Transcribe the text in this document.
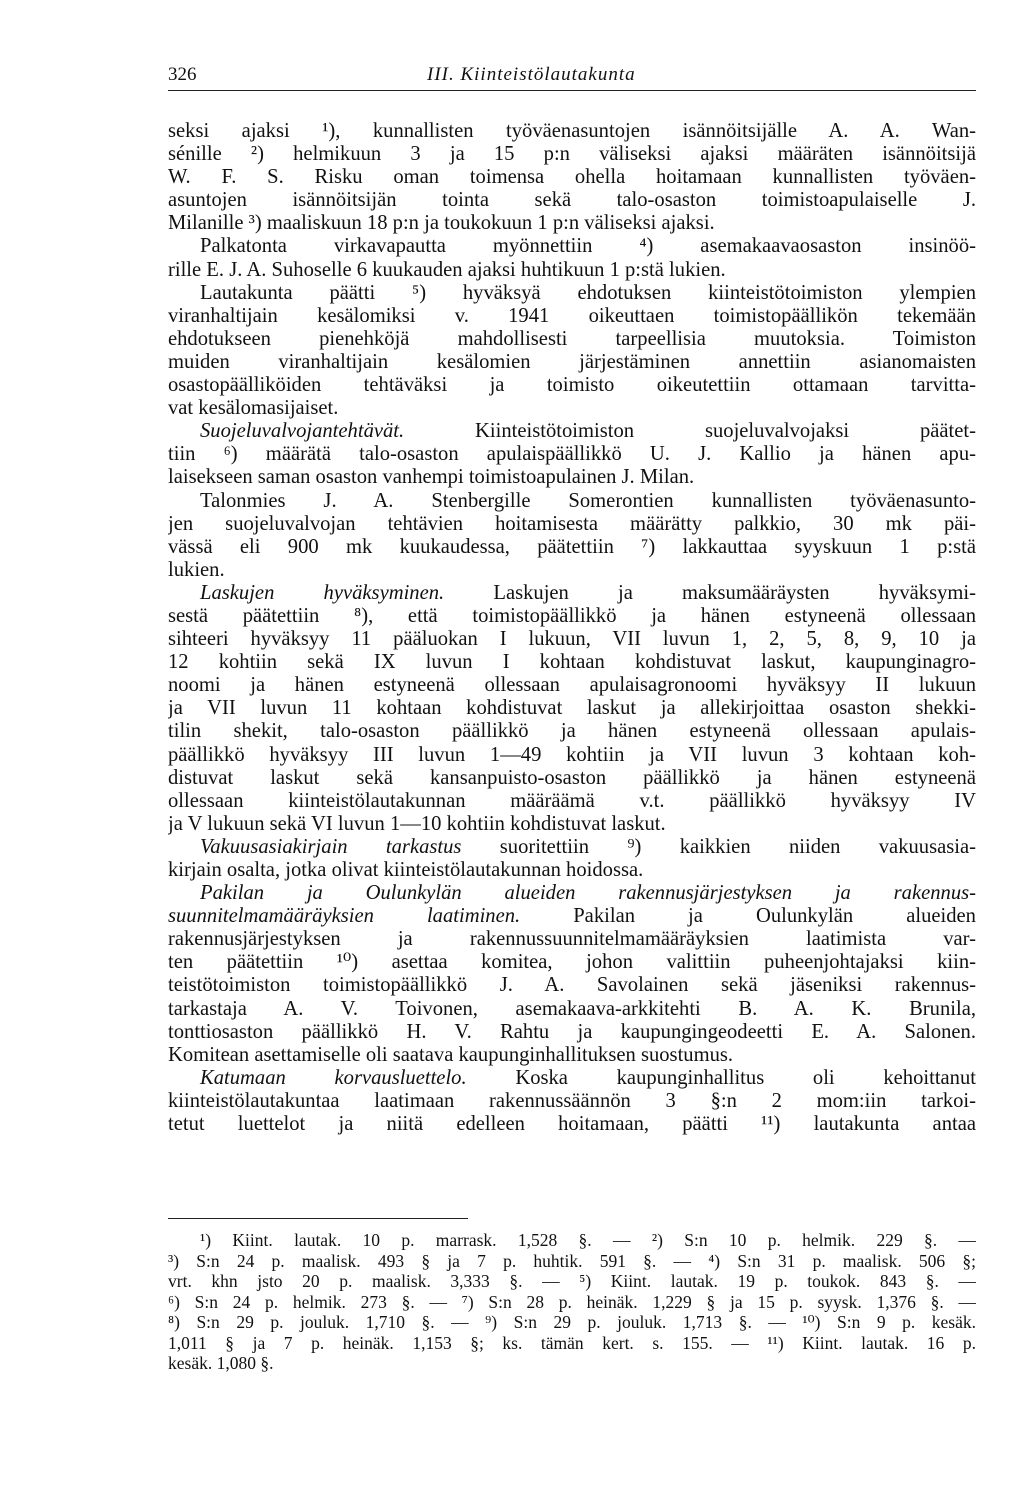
326	III. Kiinteistölautakunta
seksi ajaksi ¹), kunnallisten työväenasuntojen isännöitsijälle A. A. Wan-
sénille ²) helmikuun 3 ja 15 p:n väliseksi ajaksi määräten isännöitsijä
W. F. S. Risku oman toimensa ohella hoitamaan kunnallisten työväen-
asuntojen isännöitsijän tointa sekä talo-osaston toimistoapulaiselle J.
Milanille ³) maaliskuun 18 p:n ja toukokuun 1 p:n väliseksi ajaksi.
Palkatonta virkavapautta myönnettiin ⁴) asemakaavaosaston insinöö-
rille E. J. A. Suhoselle 6 kuukauden ajaksi huhtikuun 1 p:stä lukien.
Lautakunta päätti ⁵) hyväksyä ehdotuksen kiinteistötoimiston ylempien
viranhaltijain kesälomiksi v. 1941 oikeuttaen toimistopäällikön tekemään
ehdotukseen pienehköjä mahdollisesti tarpeellisia muutoksia. Toimiston
muiden viranhaltijain kesälomien järjestäminen annettiin asianomaisten
osastopäälliköiden tehtäväksi ja toimisto oikeutettiin ottamaan tarvitta-
vat kesälomasijaiset.
Suojeluvalvojantehtävät. Kiinteistötoimiston suojeluvalvojaksi päätet-
tiin ⁶) määrätä talo-osaston apulaispäällikkö U. J. Kallio ja hänen apu-
laisekseen saman osaston vanhempi toimistoapulainen J. Milan.
Talonmies J. A. Stenbergille Somerontien kunnallisten työväenasunto-
jen suojeluvalvojan tehtävien hoitamisesta määrätty palkkio, 30 mk päi-
vässä eli 900 mk kuukaudessa, päätettiin ⁷) lakkauttaa syyskuun 1 p:stä
lukien.
Laskujen hyväksyminen. Laskujen ja maksumääräysten hyväksymi-
sestä päätettiin ⁸), että toimistopäällikkö ja hänen estyneenä ollessaan
sihteeri hyväksyy 11 pääluokan I lukuun, VII luvun 1, 2, 5, 8, 9, 10 ja
12 kohtiin sekä IX luvun I kohtaan kohdistuvat laskut, kaupunginagro-
noomi ja hänen estyneenä ollessaan apulaisagronoomi hyväksyy II lukuun
ja VII luvun 11 kohtaan kohdistuvat laskut ja allekirjoittaa osaston shekki-
tilin shekit, talo-osaston päällikkö ja hänen estyneenä ollessaan apulais-
päällikkö hyväksyy III luvun 1—49 kohtiin ja VII luvun 3 kohtaan koh-
distuvat laskut sekä kansanpuisto-osaston päällikkö ja hänen estyneenä
ollessaan kiinteistölautakunnan määräämä v.t. päällikkö hyväksyy IV
ja V lukuun sekä VI luvun 1—10 kohtiin kohdistuvat laskut.
Vakuusasiakirjain tarkastus suoritettiin ⁹) kaikkien niiden vakuusasia-
kirjain osalta, jotka olivat kiinteistölautakunnan hoidossa.
Pakilan ja Oulunkylän alueiden rakennusjärjestyksen ja rakennus-
suunnitelmamääräyksien laatiminen. Pakilan ja Oulunkylän alueiden
rakennusjärjestyksen ja rakennussuunnitelmamääräyksien laatimista var-
ten päätettiin ¹⁰) asettaa komitea, johon valittiin puheenjohtajaksi kiin-
teistötoimiston toimistopäällikkö J. A. Savolainen sekä jäseniksi rakennus-
tarkastaja A. V. Toivonen, asemakaava-arkkitehti B. A. K. Brunila,
tonttiosaston päällikkö H. V. Rahtu ja kaupungingeodeetti E. A. Salonen.
Komitean asettamiselle oli saatava kaupunginhallituksen suostumus.
Katumaan korvausluettelo. Koska kaupunginhallitus oli kehoittanut
kiinteistölautakuntaa laatimaan rakennussäännön 3 §:n 2 mom:iin tarkoi-
tetut luettelot ja niitä edelleen hoitamaan, päätti ¹¹) lautakunta antaa
¹) Kiint. lautak. 10 p. marrask. 1,528 §. — ²) S:n 10 p. helmik. 229 §. —
³) S:n 24 p. maalisk. 493 § ja 7 p. huhtik. 591 §. — ⁴) S:n 31 p. maalisk. 506 §;
vrt. khn jsto 20 p. maalisk. 3,333 §. — ⁵) Kiint. lautak. 19 p. toukok. 843 §. —
⁶) S:n 24 p. helmik. 273 §. — ⁷) S:n 28 p. heinäk. 1,229 § ja 15 p. syysk. 1,376 §. —
⁸) S:n 29 p. jouluk. 1,710 §. — ⁹) S:n 29 p. jouluk. 1,713 §. — ¹⁰) S:n 9 p. kesäk.
1,011 § ja 7 p. heinäk. 1,153 §; ks. tämän kert. s. 155. — ¹¹) Kiint. lautak. 16 p.
kesäk. 1,080 §.
